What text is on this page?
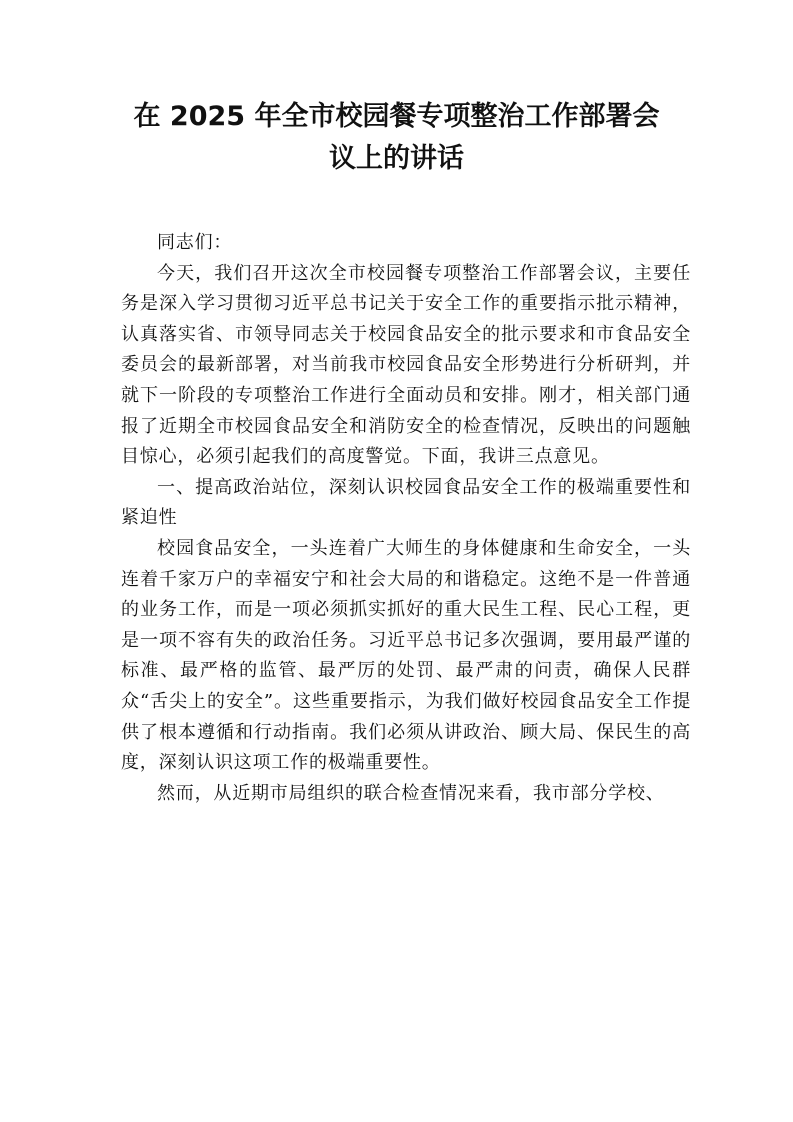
在 2025 年全市校园餐专项整治工作部署会
议上的讲话

同志们：

今天，我们召开这次全市校园餐专项整治工作部署会议，主要任务是深入学习贯彻习近平总书记关于安全工作的重要指示批示精神，认真落实省、市领导同志关于校园食品安全的批示要求和市食品安全委员会的最新部署，对当前我市校园食品安全形势进行分析研判，并就下一阶段的专项整治工作进行全面动员和安排。刚才，相关部门通报了近期全市校园食品安全和消防安全的检查情况，反映出的问题触目惊心，必须引起我们的高度警觉。下面，我讲三点意见。

一、提高政治站位，深刻认识校园食品安全工作的极端重要性和紧迫性

校园食品安全，一头连着广大师生的身体健康和生命安全，一头连着千家万户的幸福安宁和社会大局的和谐稳定。这绝不是一件普通的业务工作，而是一项必须抓实抓好的重大民生工程、民心工程，更是一项不容有失的政治任务。习近平总书记多次强调，要用最严谨的标准、最严格的监管、最严厉的处罚、最严肃的问责，确保人民群众“舌尖上的安全”。这些重要指示，为我们做好校园食品安全工作提供了根本遵循和行动指南。我们必须从讲政治、顾大局、保民生的高度，深刻认识这项工作的极端重要性。

然而，从近期市局组织的联合检查情况来看，我市部分学校、
